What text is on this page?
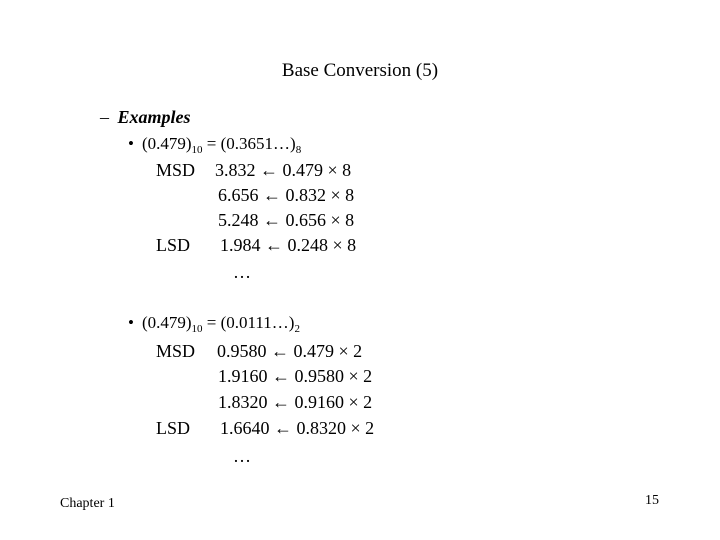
Base Conversion (5)
– Examples
• $(0.479)_{10}$ = $(0.3651\dots)_8$
MSD 3.832 ← 0.479 × 8
6.656 ← 0.832 × 8
5.248 ← 0.656 × 8
LSD 1.984 ← 0.248 × 8
…
• $(0.479)_{10}$ = $(0.0111\dots)_2$
MSD 0.9580 ← 0.479 × 2
1.9160 ← 0.9580 × 2
1.8320 ← 0.9160 × 2
LSD 1.6640 ← 0.8320 × 2
…
Chapter 1	15
